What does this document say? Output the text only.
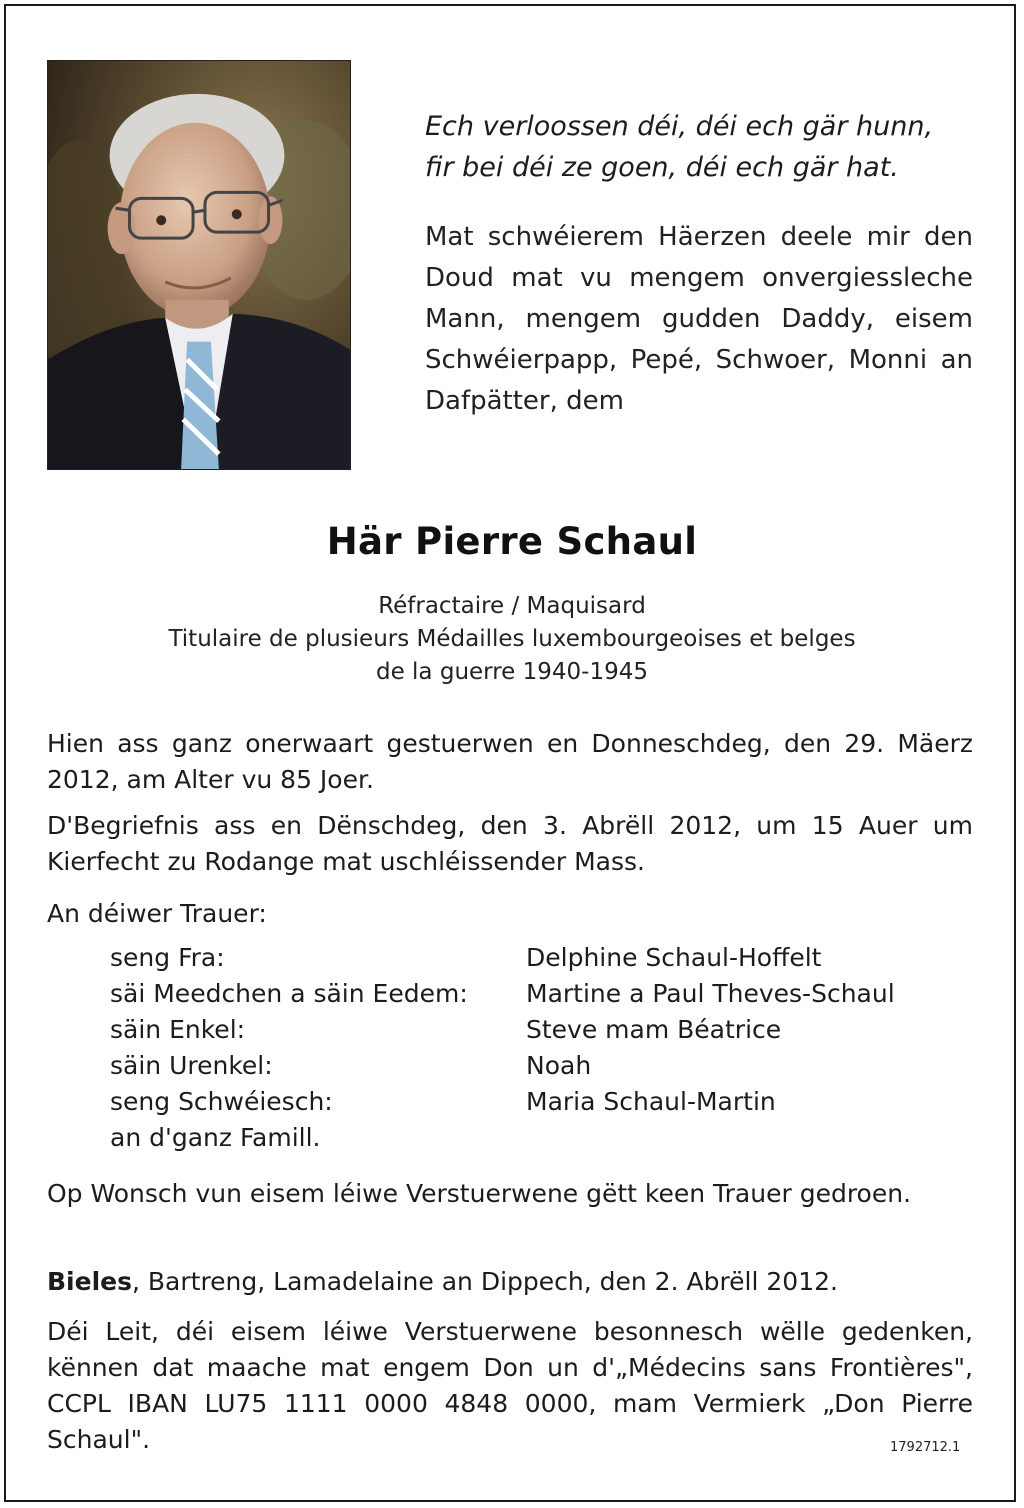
Ech verloossen déi, déi ech gär hunn,
fir bei déi ze goen, déi ech gär hat.
Mat schwéierem Häerzen deele mir den Doud mat vu mengem onvergiessleche Mann, mengem gudden Daddy, eisem Schwéierpapp, Pepé, Schwoer, Monni an Dafpätter, dem
Här Pierre Schaul
Réfractaire / Maquisard
Titulaire de plusieurs Médailles luxembourgeoises et belges
de la guerre 1940-1945
Hien ass ganz onerwaart gestuerwen en Donneschdeg, den 29. Mäerz 2012, am Alter vu 85 Joer.
D'Begriefnis ass en Dënschdeg, den 3. Abrëll 2012, um 15 Auer um Kierfecht zu Rodange mat uschléissender Mass.
An déiwer Trauer:
seng Fra:	Delphine Schaul-Hoffelt
säi Meedchen a säin Eedem:	Martine a Paul Theves-Schaul
säin Enkel:	Steve mam Béatrice
säin Urenkel:	Noah
seng Schwéiesch:	Maria Schaul-Martin
an d'ganz Famill.
Op Wonsch vun eisem léiwe Verstuerwene gëtt keen Trauer gedroen.
Bieles, Bartreng, Lamadelaine an Dippech, den 2. Abrëll 2012.
Déi Leit, déi eisem léiwe Verstuerwene besonnesch wëlle gedenken, kënnen dat maache mat engem Don un d'„Médecins sans Frontières", CCPL IBAN LU75 1111 0000 4848 0000, mam Vermierk „Don Pierre Schaul".	1792712.1
